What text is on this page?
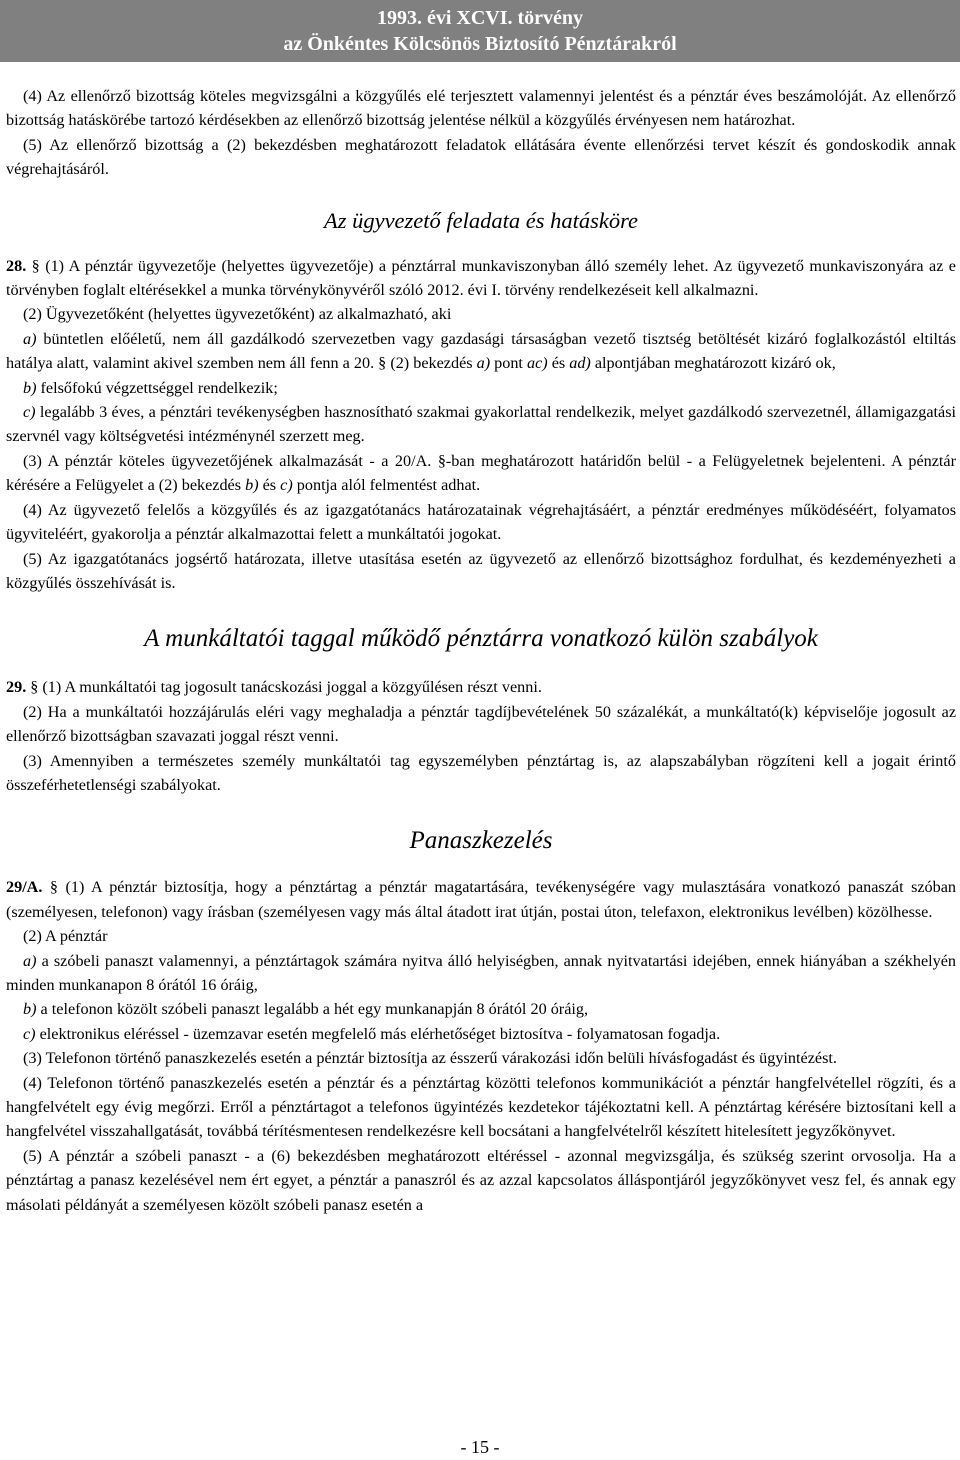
1993. évi XCVI. törvény
az Önkéntes Kölcsönös Biztosító Pénztárakról

(4) Az ellenőrző bizottság köteles megvizsgálni a közgyűlés elé terjesztett valamennyi jelentést és a pénztár éves beszámolóját. Az ellenőrző bizottság hatáskörébe tartozó kérdésekben az ellenőrző bizottság jelentése nélkül a közgyűlés érvényesen nem határozhat.

(5) Az ellenőrző bizottság a (2) bekezdésben meghatározott feladatok ellátására évente ellenőrzési tervet készít és gondoskodik annak végrehajtásáról.

Az ügyvezető feladata és hatásköre

28. § (1) A pénztár ügyvezetője (helyettes ügyvezetője) a pénztárral munkaviszonyban álló személy lehet. Az ügyvezető munkaviszonyára az e törvényben foglalt eltérésekkel a munka törvénykönyvéről szóló 2012. évi I. törvény rendelkezéseit kell alkalmazni.

(2) Ügyvezetőként (helyettes ügyvezetőként) az alkalmazható, aki

a) büntetlen előéletű, nem áll gazdálkodó szervezetben vagy gazdasági társaságban vezető tisztség betöltését kizáró foglalkozástól eltiltás hatálya alatt, valamint akivel szemben nem áll fenn a 20. § (2) bekezdés a) pont ac) és ad) alpontjában meghatározott kizáró ok,

b) felsőfokú végzettséggel rendelkezik;

c) legalább 3 éves, a pénztári tevékenységben hasznosítható szakmai gyakorlattal rendelkezik, melyet gazdálkodó szervezetnél, államigazgatási szervnél vagy költségvetési intézménynél szerzett meg.

(3) A pénztár köteles ügyvezetőjének alkalmazását - a 20/A. §-ban meghatározott határidőn belül - a Felügyeletnek bejelenteni. A pénztár kérésére a Felügyelet a (2) bekezdés b) és c) pontja alól felmentést adhat.

(4) Az ügyvezető felelős a közgyűlés és az igazgatótanács határozatainak végrehajtásáért, a pénztár eredményes működéséért, folyamatos ügyviteléért, gyakorolja a pénztár alkalmazottai felett a munkáltatói jogokat.

(5) Az igazgatótanács jogsértő határozata, illetve utasítása esetén az ügyvezető az ellenőrző bizottsághoz fordulhat, és kezdeményezheti a közgyűlés összehívását is.

A munkáltatói taggal működő pénztárra vonatkozó külön szabályok

29. § (1) A munkáltatói tag jogosult tanácskozási joggal a közgyűlésen részt venni.

(2) Ha a munkáltatói hozzájárulás eléri vagy meghaladja a pénztár tagdíjbevételének 50 százalékát, a munkáltató(k) képviselője jogosult az ellenőrző bizottságban szavazati joggal részt venni.

(3) Amennyiben a természetes személy munkáltatói tag egyszemélyben pénztártag is, az alapszabályban rögzíteni kell a jogait érintő összeférhetetlenségi szabályokat.

Panaszkezelés

29/A. § (1) A pénztár biztosítja, hogy a pénztártag a pénztár magatartására, tevékenységére vagy mulasztására vonatkozó panaszát szóban (személyesen, telefonon) vagy írásban (személyesen vagy más által átadott irat útján, postai úton, telefaxon, elektronikus levélben) közölhesse.

(2) A pénztár

a) a szóbeli panaszt valamennyi, a pénztártagok számára nyitva álló helyiségben, annak nyitvatartási idejében, ennek hiányában a székhelyén minden munkanapon 8 órától 16 óráig,

b) a telefonon közölt szóbeli panaszt legalább a hét egy munkanapján 8 órától 20 óráig,

c) elektronikus eléréssel - üzemzavar esetén megfelelő más elérhetőséget biztosítva - folyamatosan fogadja.

(3) Telefonon történő panaszkezelés esetén a pénztár biztosítja az ésszerű várakozási időn belüli hívásfogadást és ügyintézést.

(4) Telefonon történő panaszkezelés esetén a pénztár és a pénztártag közötti telefonos kommunikációt a pénztár hangfelvétellel rögzíti, és a hangfelvételt egy évig megőrzi. Erről a pénztártagot a telefonos ügyintézés kezdetekor tájékoztatni kell. A pénztártag kérésére biztosítani kell a hangfelvétel visszahallgatását, továbbá térítésmentesen rendelkezésre kell bocsátani a hangfelvételről készített hitelesített jegyzőkönyvet.

(5) A pénztár a szóbeli panaszt - a (6) bekezdésben meghatározott eltéréssel - azonnal megvizsgálja, és szükség szerint orvosolja. Ha a pénztártag a panasz kezelésével nem ért egyet, a pénztár a panaszról és az azzal kapcsolatos álláspontjáról jegyzőkönyvet vesz fel, és annak egy másolati példányát a személyesen közölt szóbeli panasz esetén a

- 15 -
